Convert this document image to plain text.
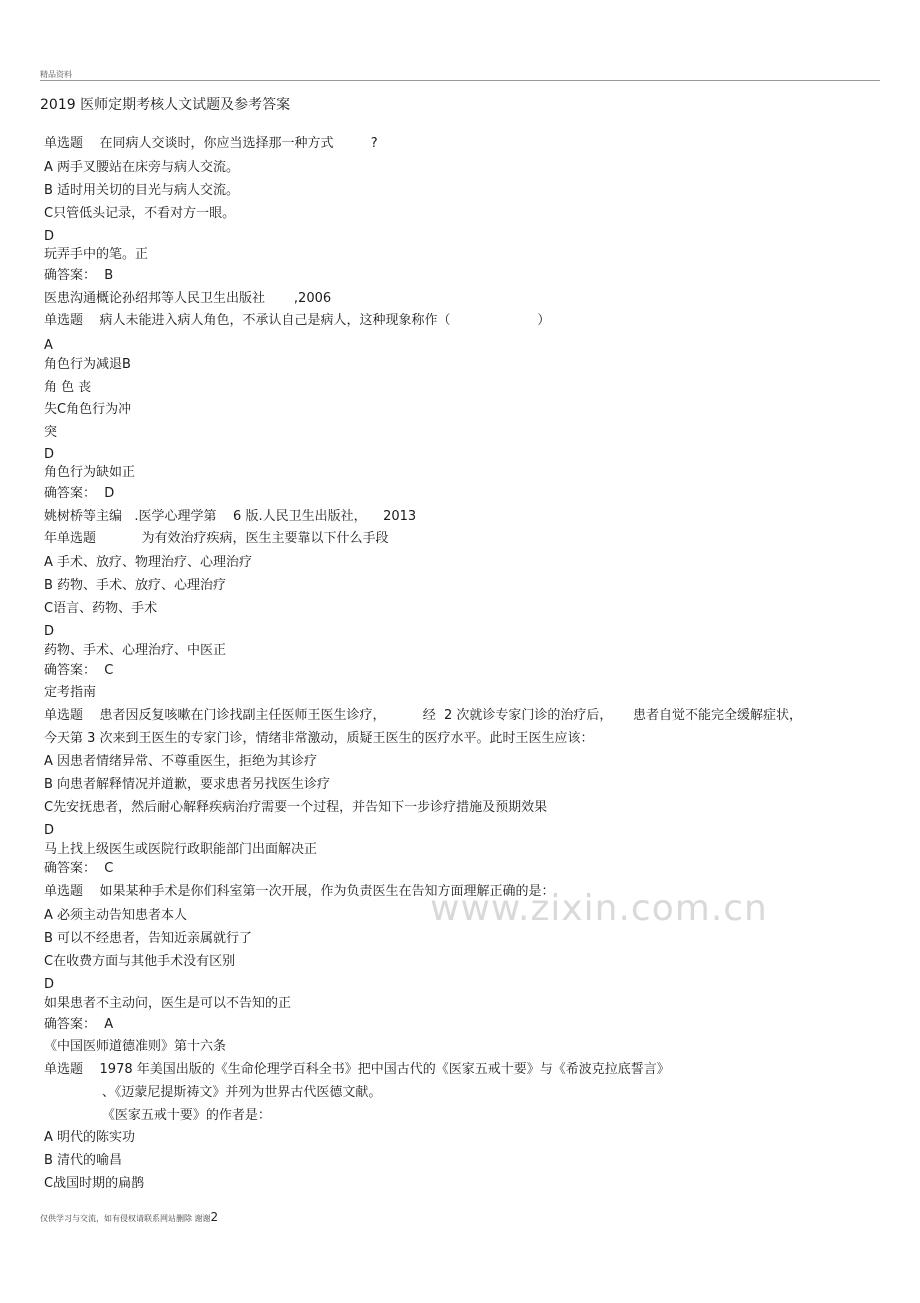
精品资料
2019 医师定期考核人文试题及参考答案
单选题    在同病人交谈时，你应当选择那一种方式         ?
A 两手叉腰站在床旁与病人交流。
B 适时用关切的目光与病人交流。
C只管低头记录，不看对方一眼。
D
玩弄手中的笔。正
确答案：  B
医患沟通概论孙绍邦等人民卫生出版社       ,2006
单选题    病人未能进入病人角色，不承认自己是病人，这种现象称作（                     ）
A
角色行为减退B
角 色 丧
失C角色行为冲
突
D
角色行为缺如正
确答案：  D
姚树桥等主编   .医学心理学第    6 版.人民卫生出版社，    2013
年单选题           为有效治疗疾病，医生主要靠以下什么手段
A 手术、放疗、物理治疗、心理治疗
B 药物、手术、放疗、心理治疗
C语言、药物、手术
D
药物、手术、心理治疗、中医正
确答案：  C
定考指南
单选题    患者因反复咳嗽在门诊找副主任医师王医生诊疗，         经  2 次就诊专家门诊的治疗后，     患者自觉不能完全缓解症状，
今天第 3 次来到王医生的专家门诊，情绪非常激动，质疑王医生的医疗水平。此时王医生应该：
A 因患者情绪异常、不尊重医生，拒绝为其诊疗
B 向患者解释情况并道歉，要求患者另找医生诊疗
C先安抚患者，然后耐心解释疾病治疗需要一个过程，并告知下一步诊疗措施及预期效果
D
马上找上级医生或医院行政职能部门出面解决正
确答案：  C
单选题    如果某种手术是你们科室第一次开展，作为负责医生在告知方面理解正确的是：
A 必须主动告知患者本人
B 可以不经患者，告知近亲属就行了
C在收费方面与其他手术没有区别
D
如果患者不主动问，医生是可以不告知的正
确答案：  A
《中国医师道德准则》第十六条
单选题    1978 年美国出版的《生命伦理学百科全书》把中国古代的《医家五戒十要》与《希波克拉底誓言》
、《迈蒙尼提斯祷文》并列为世界古代医德文献。
《医家五戒十要》的作者是：
A 明代的陈实功
B 清代的喻昌
C战国时期的扁鹊
www.zixin.com.cn
仅供学习与交流，如有侵权请联系网站删除 谢谢2
